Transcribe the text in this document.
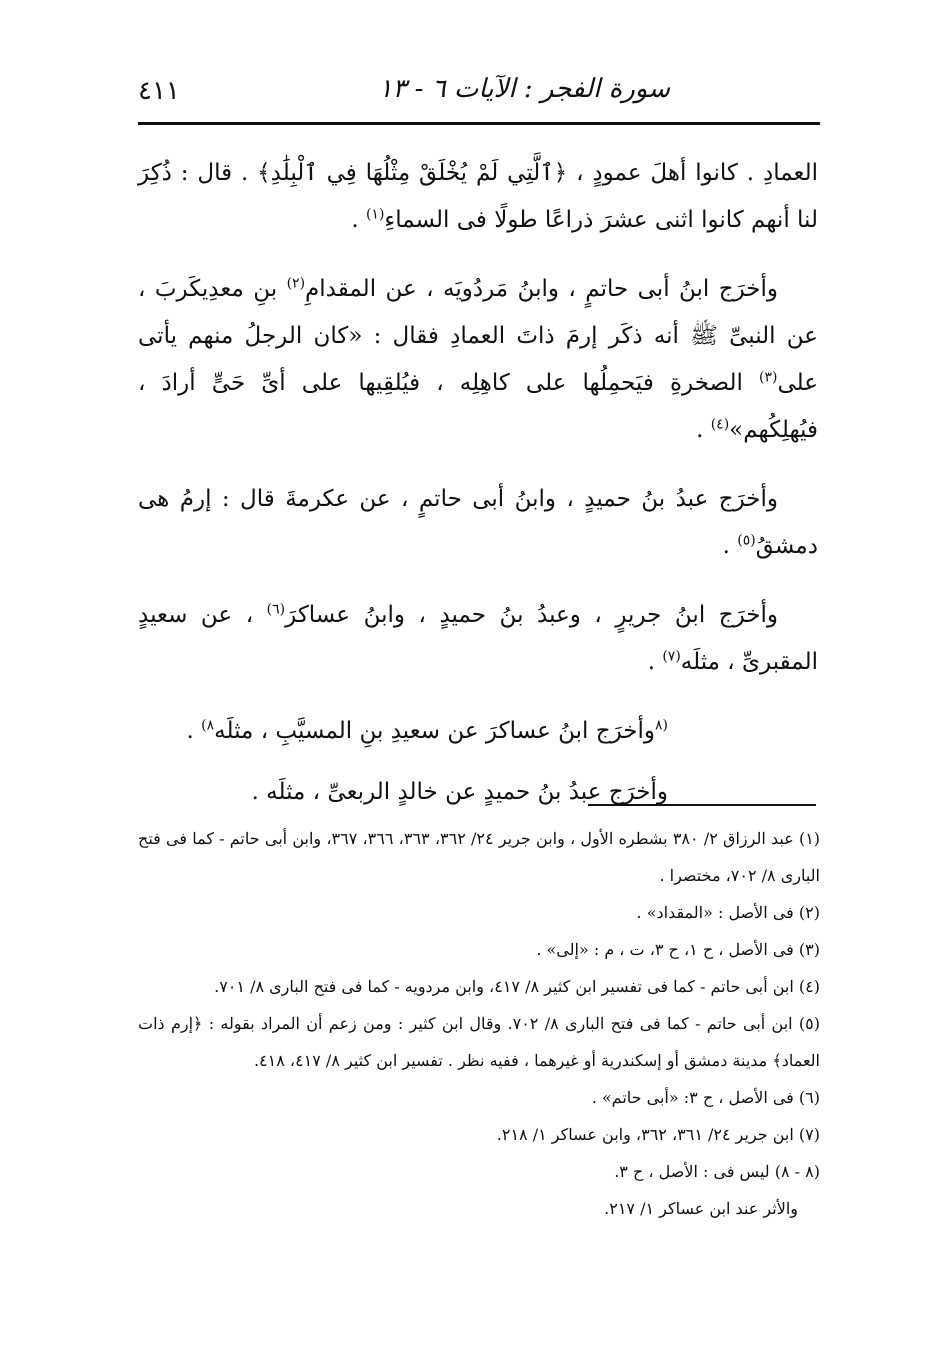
سورة الفجر : الآيات ٦ - ١٣
٤١١

العمادِ . كانوا أهلَ عمودٍ ، ﴿ٱلَّتِي لَمْ يُخْلَقْ مِثْلُهَا فِي ٱلْبِلَٰدِ﴾ . قال : ذُكِرَ لنا أنهم كانوا اثنى عشرَ ذراعًا طولًا فى السماءِ$^{(١)}$ .

وأخرَج ابنُ أبى حاتمٍ ، وابنُ مَردُويَه ، عن المقدامِ$^{(٢)}$ بنِ معدِيكَربَ ، عن النبىِّ ﷺ أنه ذكَر إرمَ ذاتَ العمادِ فقال : «كان الرجلُ منهم يأتى على$^{(٣)}$ الصخرةِ فيَحمِلُها على كاهِلِه ، فيُلقِيها على أىِّ حَىٍّ أرادَ ، فيُهلِكُهم»$^{(٤)}$ .

وأخرَج عبدُ بنُ حميدٍ ، وابنُ أبى حاتمٍ ، عن عكرمةَ قال : إرمُ هى دمشقُ$^{(٥)}$ .

وأخرَج ابنُ جريرٍ ، وعبدُ بنُ حميدٍ ، وابنُ عساكرَ$^{(٦)}$ ، عن سعيدٍ المقبرىِّ ، مثلَه$^{(٧)}$ .

$^{(٨}$وأخرَج ابنُ عساكرَ عن سعيدِ بنِ المسيَّبِ ، مثلَه$^{٨)}$ .

وأخرَج عبدُ بنُ حميدٍ عن خالدٍ الربعىِّ ، مثلَه .

(١) عبد الرزاق ٢/ ٣٨٠ بشطره الأول ، وابن جرير ٢٤/ ٣٦٢، ٣٦٣، ٣٦٦، ٣٦٧، وابن أبى حاتم - كما فى فتح البارى ٨/ ٧٠٢، مختصرا .

(٢) فى الأصل : «المقداد» .

(٣) فى الأصل ، ح ١، ح ٣، ت ، م : «إلى» .

(٤) ابن أبى حاتم - كما فى تفسير ابن كثير ٨/ ٤١٧، وابن مردويه - كما فى فتح البارى ٨/ ٧٠١.

(٥) ابن أبى حاتم - كما فى فتح البارى ٨/ ٧٠٢. وقال ابن كثير : ومن زعم أن المراد بقوله : ﴿إرم ذات العماد﴾ مدينة دمشق أو إسكندرية أو غيرهما ، ففيه نظر . تفسير ابن كثير ٨/ ٤١٧، ٤١٨.

(٦) فى الأصل ، ح ٣: «أبى حاتم» .

(٧) ابن جرير ٢٤/ ٣٦١، ٣٦٢، وابن عساكر ١/ ٢١٨.

(٨ - ٨) ليس فى : الأصل ، ح ٣.

والأثر عند ابن عساكر ١/ ٢١٧.
